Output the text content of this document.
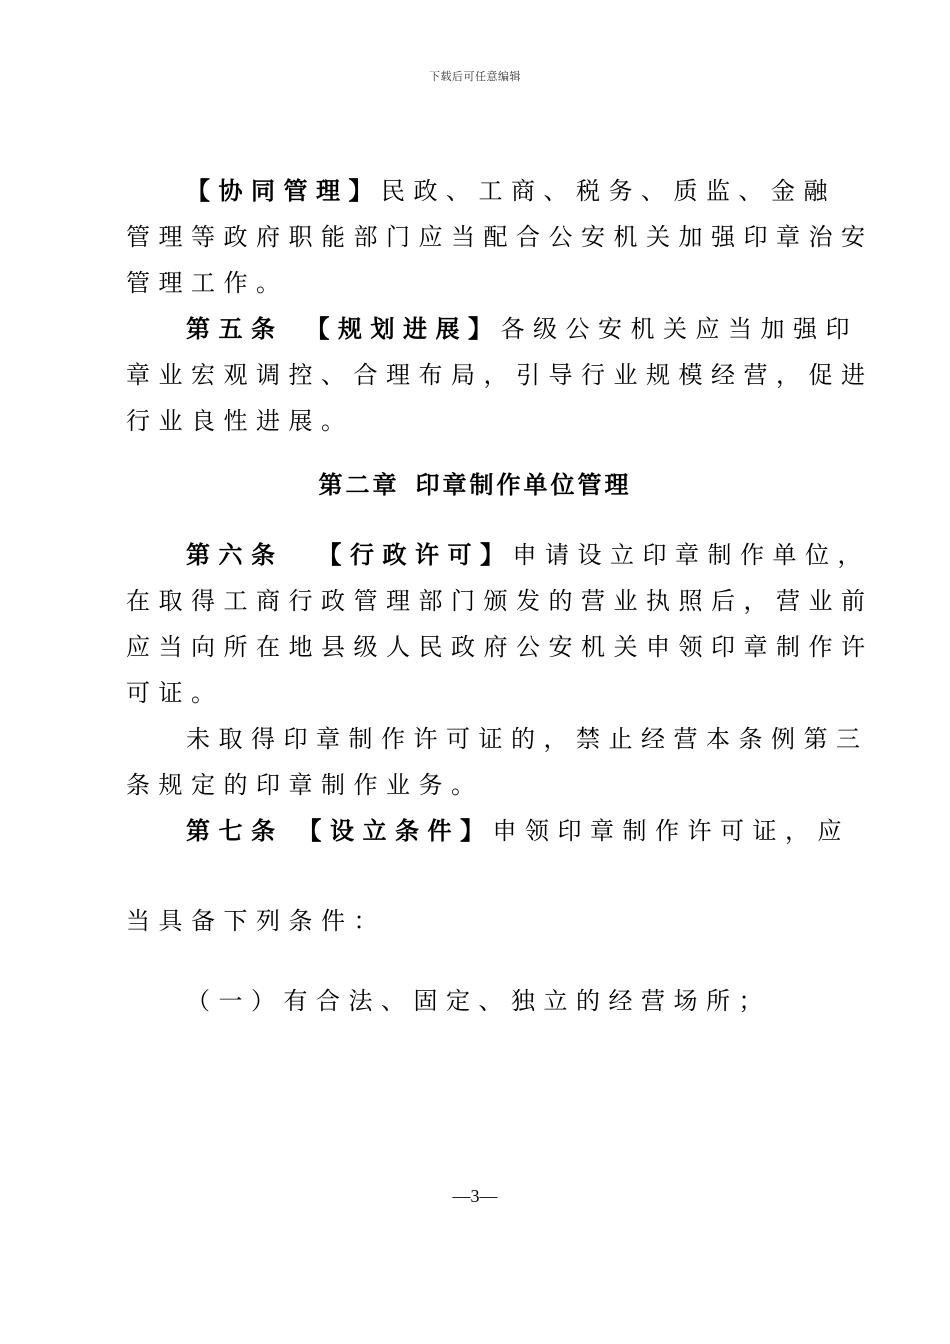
下载后可任意编辑
【协同管理】民政、工商、税务、质监、金融
管理等政府职能部门应当配合公安机关加强印章治安
管理工作。
第五条 【规划进展】各级公安机关应当加强印
章业宏观调控、合理布局，引导行业规模经营，促进
行业良性进展。
第二章 印章制作单位管理
第六条 【行政许可】申请设立印章制作单位，
在取得工商行政管理部门颁发的营业执照后，营业前
应当向所在地县级人民政府公安机关申领印章制作许
可证。
未取得印章制作许可证的，禁止经营本条例第三
条规定的印章制作业务。
第七条 【设立条件】申领印章制作许可证，应
当具备下列条件：
（一）有合法、固定、独立的经营场所；
—3—
